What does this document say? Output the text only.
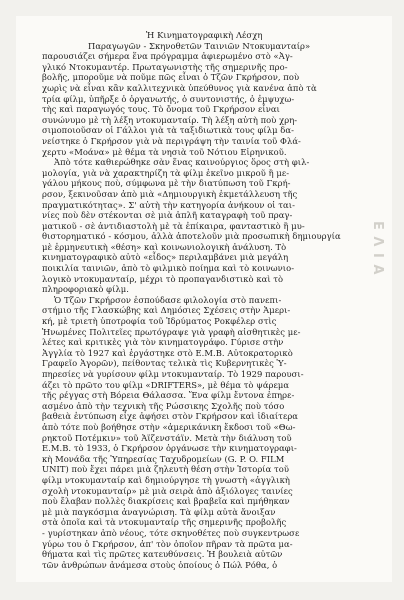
Ἡ Κινηματογραφικὴ Λέσχη
Παραγωγῶν - Σκηνοθετῶν Ταινιῶν Ντοκυμανταίρ»
παρουσιάζει σήμερα ἕνα πρόγραμμα ἀφιερωμένο στὸ «Ἀγ-
γλικό Ντοκυμαντέρ. Πρωταγωνιστὴς τῆς σημερινῆς προ-
βολῆς, μποροῦμε νὰ ποῦμε πῶς εἶναι ὁ Τζῶν Γκρήρσον, ποὺ
χωρὶς νὰ εἶναι κἂν καλλιτεχνικὰ ὑπεύθυνος γιὰ κανένα ἀπὸ τὰ
τρία φίλμ, ὑπῆρξε ὁ ὀργανωτής, ὁ συντονιστής, ὁ ἐμψυχω-
τὴς καὶ παραγωγός τους. Τὸ ὄνομα τοῦ Γκρήρσον εἶναι
συνώνυμο μὲ τὴ λέξη ντοκυμανταίρ. Τὴ λέξη αὐτὴ ποὺ χρη-
σιμοποιοῦσαν οἱ Γάλλοι γιὰ τὰ ταξιδιωτικὰ τους φίλμ δα-
νείστηκε ὁ Γκρήρσον γιὰ νὰ περιγράψη τὴν ταινία τοῦ Φλά-
χερτυ «Μοάνα» μὲ θέμα τὰ νησιὰ τοῦ Νότιου Εἰρηνικοῦ.
Ἀπὸ τότε καθιερώθηκε σὰν ἕνας καινούργιος ὅρος στὴ φιλ-
μολογία, γιὰ νὰ χαρακτηρίζη τὰ φίλμ ἐκεῖνο μικροῦ ἢ με-
γάλου μήκους ποὺ, σύμφωνα μὲ τὴν διατύπωση τοῦ Γκρή-
ρσον, ξεκινοῦσαν ἀπὸ μιὰ «Δημιουργικὴ ἐκμετάλλευση τῆς
πραγματικότητας». Σ' αὐτὴ τὴν κατηγορία ἀνήκουν οἱ ται-
νίες ποὺ δὲν στέκονται σὲ μιὰ ἁπλῆ καταγραφὴ τοῦ πραγ-
ματικοῦ - σὲ ἀντιδιαστολὴ μὲ τὰ ἐπίκαιρα, φανταστικὸ ἢ μυ-
θιστορηματικό - κόσμου, ἀλλὰ ἀποτελοῦν μιὰ προσωπικὴ δημιουργία
μὲ ἑρμηνευτικὴ «θέση» καὶ κοινωνιολογικὴ ἀνάλυση. Τὸ
κινηματογραφικὸ αὐτὸ «εἶδος» περιλαμβάνει μιὰ μεγάλη
ποικιλία ταινιῶν, ἀπὸ τὸ φιλμικὸ ποίημα καὶ τὸ κοινωνιο-
λογικὸ ντοκυμανταίρ, μέχρι τὸ προπαγανδιστικὸ καὶ τὸ
πληροφοριακὸ φίλμ.
Ὁ Τζῶν Γκρήρσον ἐσπούδασε φιλολογία στὸ πανεπι-
στήμιο τῆς Γλασκώβης καὶ Δημόσιες Σχέσεις στὴν Ἀμερι-
κή, μὲ τριετὴ ὑποτροφία τοῦ Ἱδρύματος Ροκφέλερ στὶς
Ἡνωμένες Πολιτεῖες πρωτόγραψε γιὰ γραφὴ αἰσθητικὲς με-
λέτες καὶ κριτικὲς γιὰ τὸν κινηματογράφο. Γύρισε στὴν
Ἀγγλία τὸ 1927 καὶ ἐργάστηκε στὸ Ε.Μ.Β. Αὐτοκρατορικὸ
Γραφεῖο Ἀγορῶν), πείθοντας τελικὰ τὶς Κυβερνητικὲς Ὑ-
πηρεσίες νὰ γυρίσουν φίλμ ντοκυμανταίρ. Τὸ 1929 παρουσι-
άζει τὸ πρῶτο του φίλμ «DRIFTERS», μὲ θέμα τὸ ψάρεμα
τῆς ρέγγας στὴ Βόρεια Θάλασσα. Ἕνα φίλμ ἔντονα ἐπηρε-
ασμένο ἀπὸ τὴν τεχνικὴ τῆς Ρώσσικης Σχολῆς ποὺ τόσο
βαθειὰ ἐντύπωση εἶχε ἀφήσει στὸν Γκρήρσον καὶ ἰδιαίτερα
ἀπὸ τότε ποὺ βοήθησε στὴν «ἀμερικάνικη ἔκδοσι τοῦ «Θω-
ρηκτοῦ Ποτέμκιν» τοῦ Ἀϊζενστάϊν. Μετὰ τὴν διάλυση τοῦ
Ε.Μ.Β. τὸ 1933, ὁ Γκρήρσον ὀργάνωσε τὴν κινηματογραφι-
κὴ Μονάδα τῆς Ὑπηρεσίας Ταχυδρομείων (G. P. O. FILM
UNIT) ποὺ ἔχει πάρει μιὰ ζηλευτὴ θέση στὴν Ἱστορία τοῦ
φίλμ ντοκυμανταίρ καὶ δημιούργησε τὴ γνωστὴ «ἀγγλικὴ
σχολὴ ντοκυμανταίρ» μὲ μιὰ σειρὰ ἀπὸ ἀξιόλογες ταινίες
ποὺ ἔλαβαν πολλὲς διακρίσεις καὶ βραβεῖα καὶ πμήθηκαν
μὲ μιὰ παγκόσμια ἀναγνώριση. Τὰ φίλμ αὐτὰ ἄνοιξαν
στὰ ὁποῖα καὶ τὰ ντοκυμανταίρ τῆς σημερινῆς προβολῆς
- γυρίστηκαν ἀπὸ νέους, τότε σκηνοθέτες ποὺ συγκεντρωσε
γύρω του ὁ Γκρήρσον, ἀπ' τὸν ὁποῖον πῆραν τὰ πρῶτα μα-
θήματα καὶ τὶς πρῶτες κατευθύνσεις. Ἡ βουλειὰ αὐτῶν
τῶν ἀνθρώπων ἀνάμεσα στοὺς ὁποίους ὁ Πώλ Ρόθα, ὁ
Ε Λ Ι Α
